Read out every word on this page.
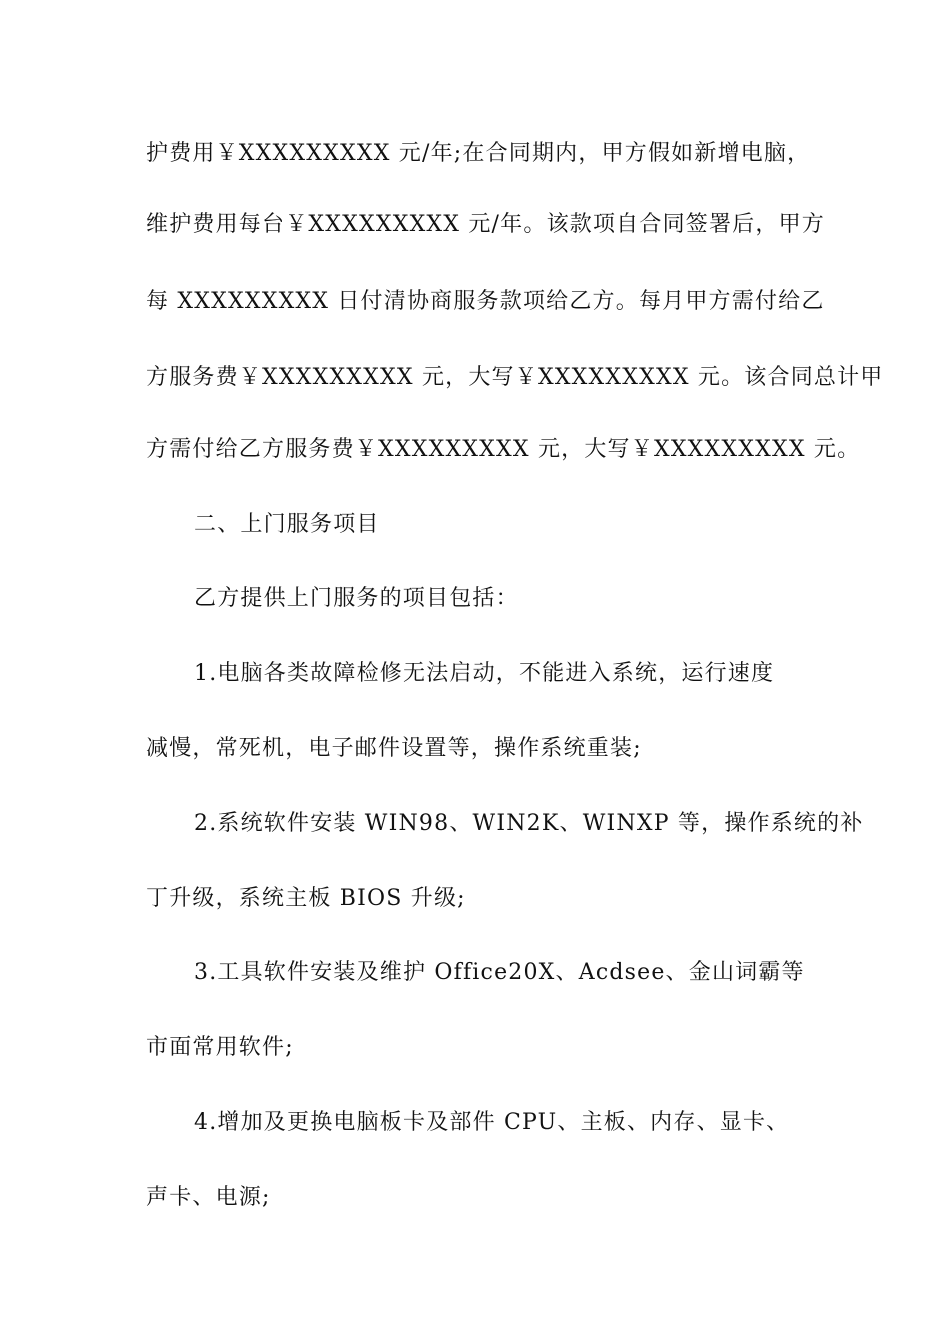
护费用￥XXXXXXXXX 元/年;在合同期内，甲方假如新增电脑，
维护费用每台￥XXXXXXXXX 元/年。该款项自合同签署后，甲方
每 XXXXXXXXX 日付清协商服务款项给乙方。每月甲方需付给乙
方服务费￥XXXXXXXXX 元，大写￥XXXXXXXXX 元。该合同总计甲
方需付给乙方服务费￥XXXXXXXXX 元，大写￥XXXXXXXXX 元。
二、上门服务项目
乙方提供上门服务的项目包括：
1.电脑各类故障检修无法启动，不能进入系统，运行速度
减慢，常死机，电子邮件设置等，操作系统重装;
2.系统软件安装 WIN98、WIN2K、WINXP 等，操作系统的补
丁升级，系统主板 BIOS 升级;
3.工具软件安装及维护 Office20X、Acdsee、金山词霸等
市面常用软件;
4.增加及更换电脑板卡及部件 CPU、主板、内存、显卡、
声卡、电源;
